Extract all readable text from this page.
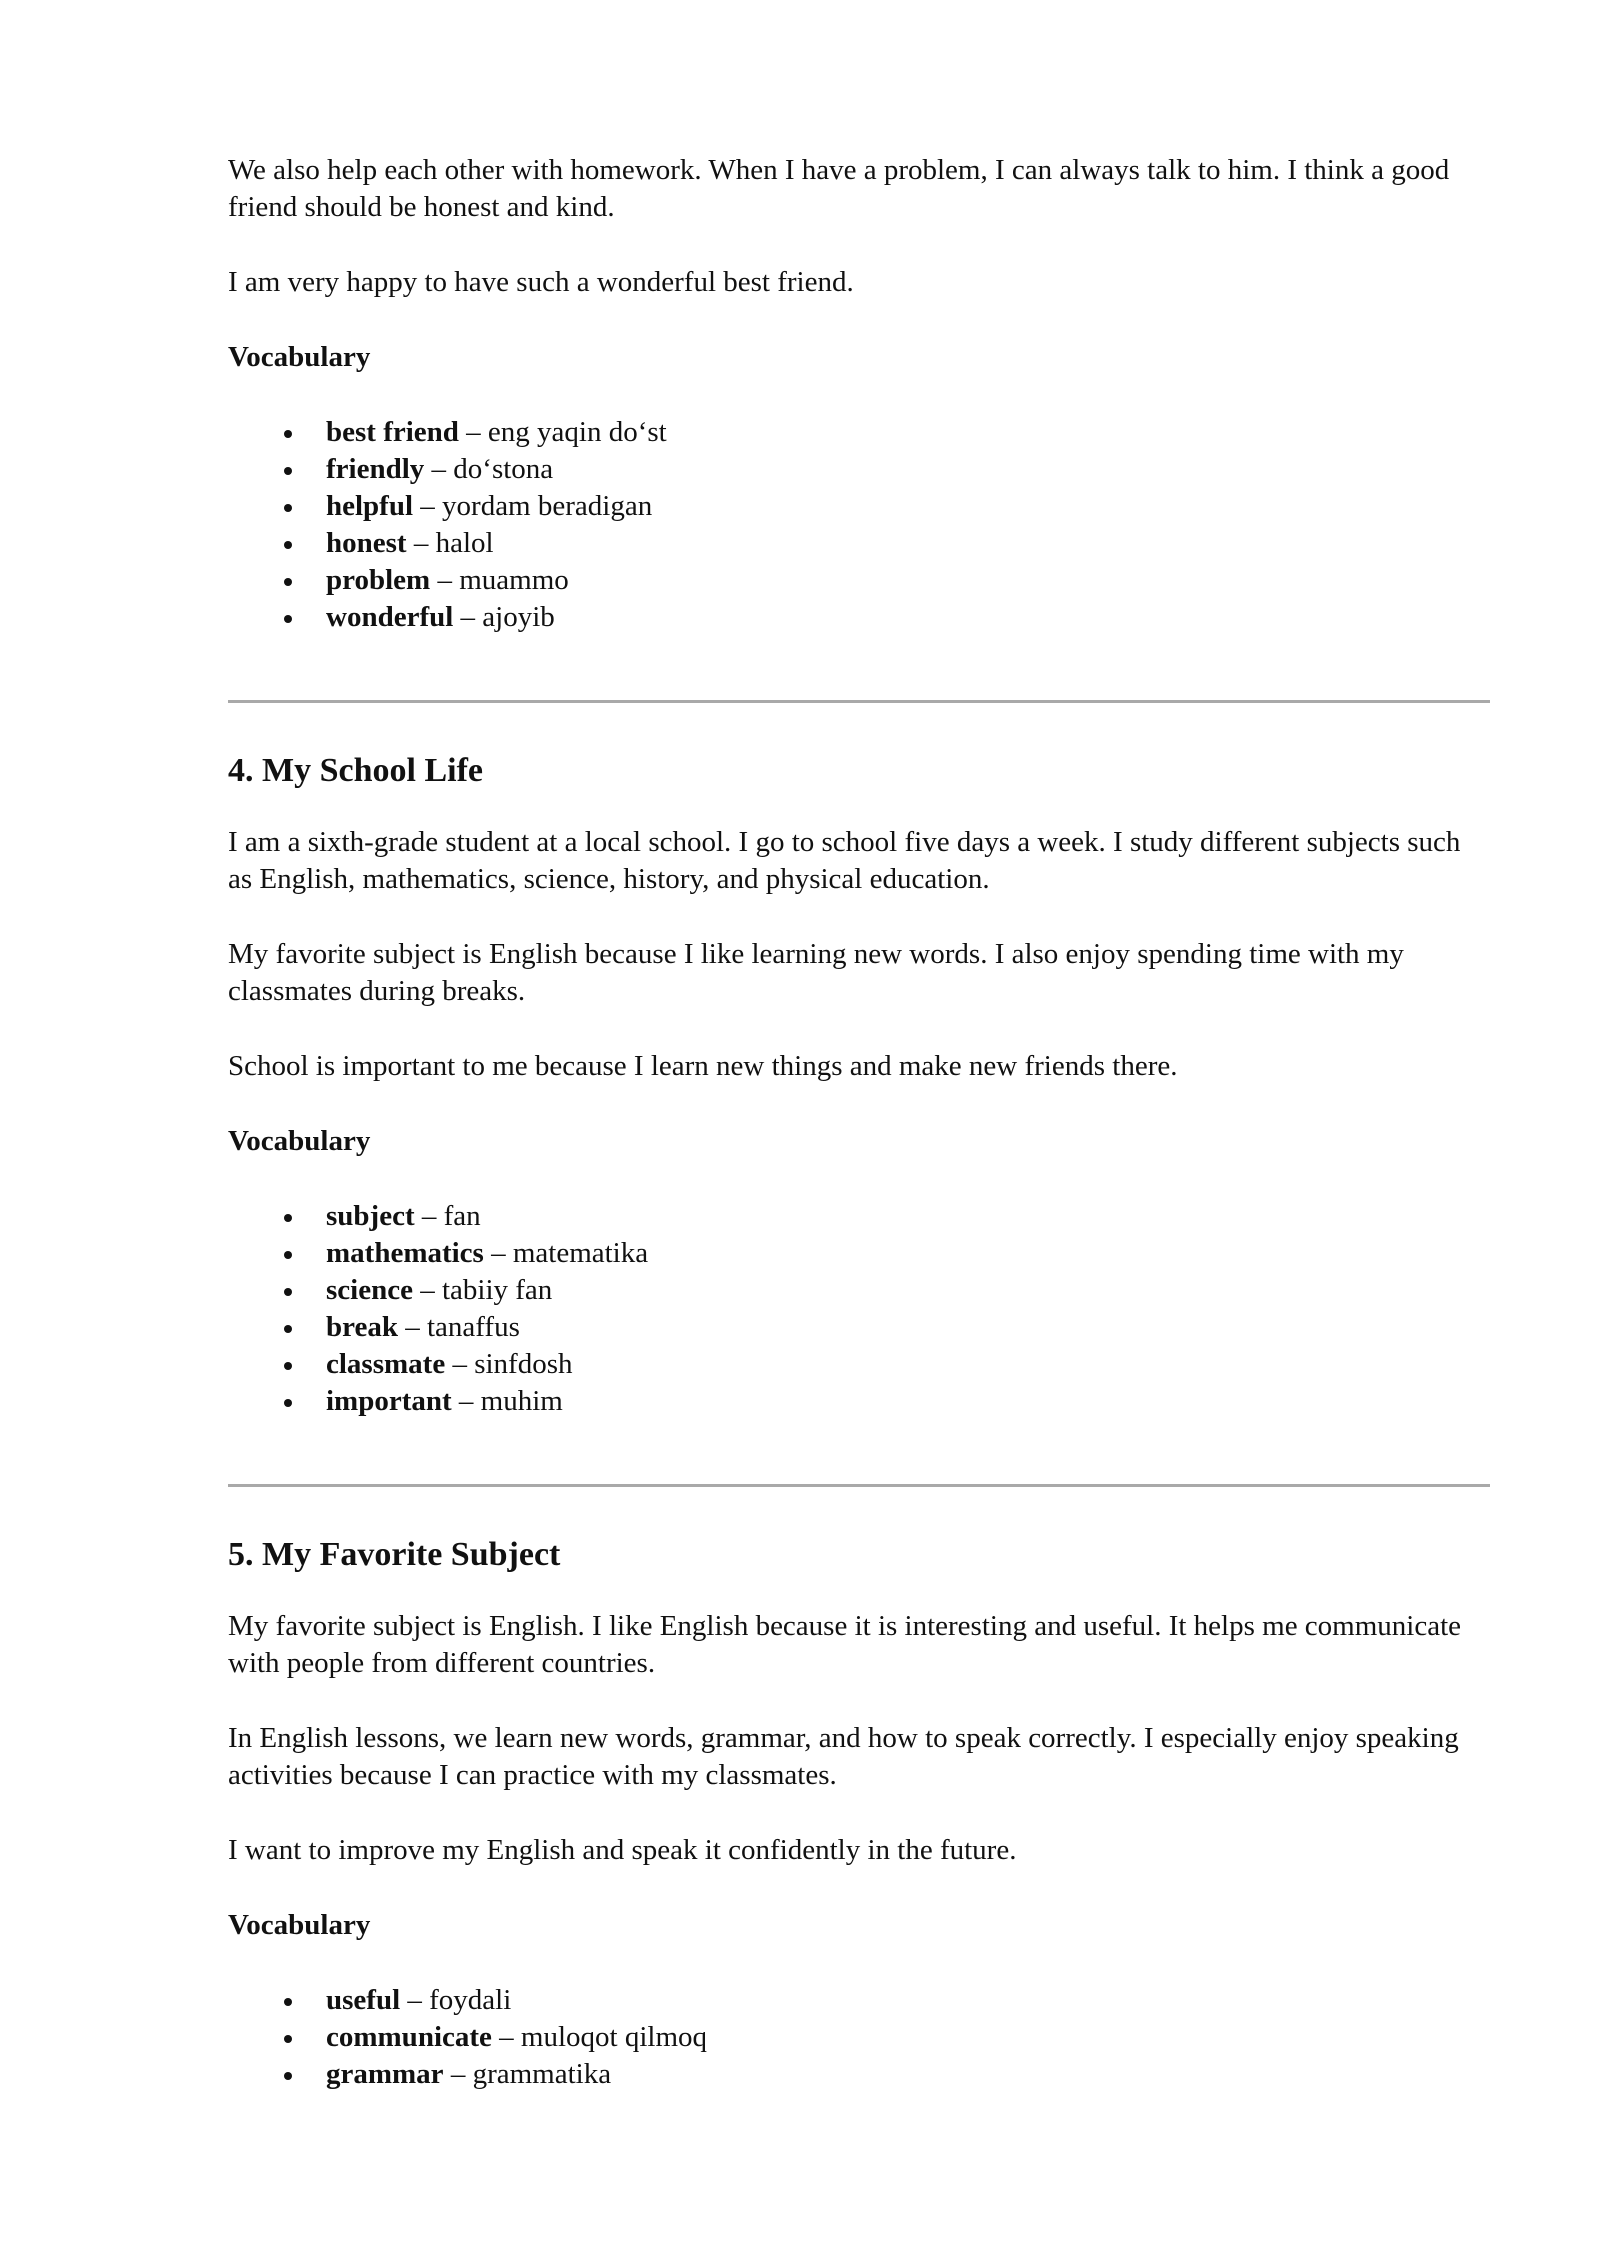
We also help each other with homework. When I have a problem, I can always talk to him. I think a good friend should be honest and kind.

I am very happy to have such a wonderful best friend.

Vocabulary
best friend – eng yaqin do‘st
friendly – do‘stona
helpful – yordam beradigan
honest – halol
problem – muammo
wonderful – ajoyib
4. My School Life

I am a sixth-grade student at a local school. I go to school five days a week. I study different subjects such as English, mathematics, science, history, and physical education.

My favorite subject is English because I like learning new words. I also enjoy spending time with my classmates during breaks.

School is important to me because I learn new things and make new friends there.

Vocabulary
subject – fan
mathematics – matematika
science – tabiiy fan
break – tanaffus
classmate – sinfdosh
important – muhim
5. My Favorite Subject

My favorite subject is English. I like English because it is interesting and useful. It helps me communicate with people from different countries.

In English lessons, we learn new words, grammar, and how to speak correctly. I especially enjoy speaking activities because I can practice with my classmates.

I want to improve my English and speak it confidently in the future.

Vocabulary
useful – foydali
communicate – muloqot qilmoq
grammar – grammatika
